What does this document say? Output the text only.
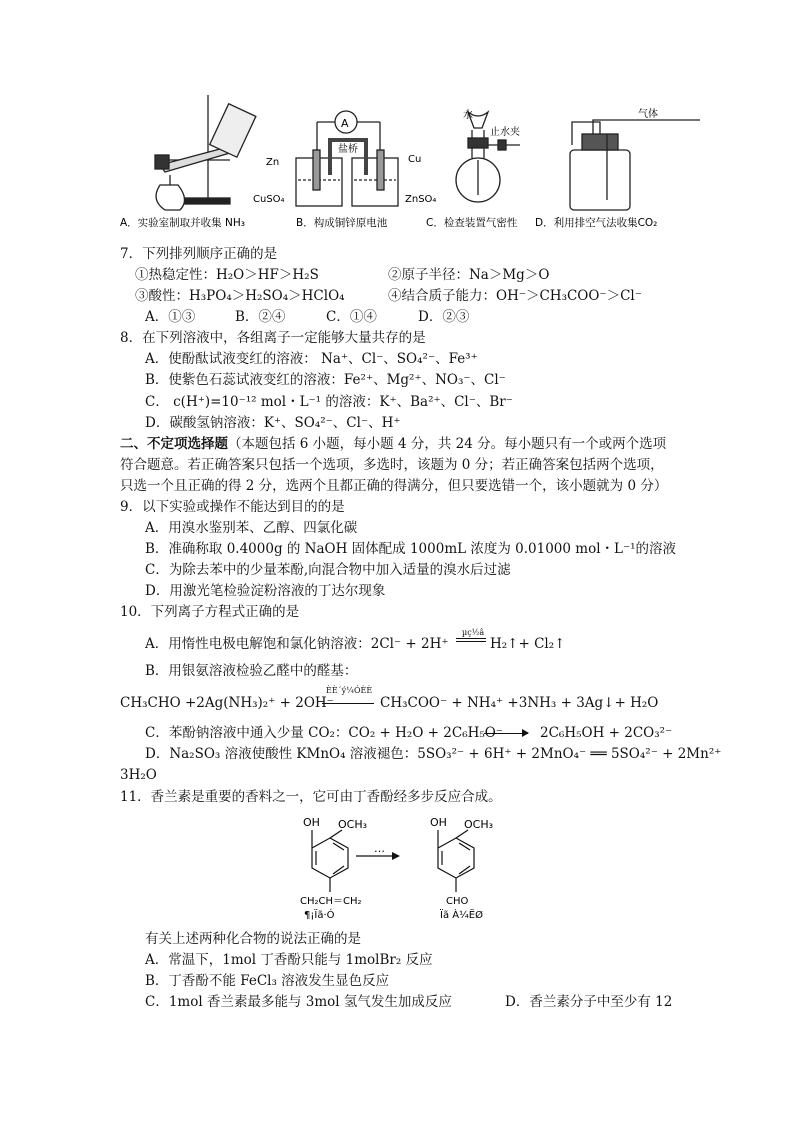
A
盐桥
Zn	Cu
CuSO₄	ZnSO₄
水
止水夹
气体
A．实验室制取并收集 NH₃	B．构成铜锌原电池	C．检查装置气密性 D．利用排空气法收集CO₂
7．下列排列顺序正确的是
①热稳定性：H₂O＞HF＞H₂S	②原子半径：Na＞Mg＞O
③酸性：H₃PO₄＞H₂SO₄＞HClO₄	④结合质子能力：OH⁻＞CH₃COO⁻＞Cl⁻
A．①③	B．②④	C．①④	D．②③
8．在下列溶液中，各组离子一定能够大量共存的是
A．使酚酞试液变红的溶液： Na⁺、Cl⁻、SO₄²⁻、Fe³⁺
B．使紫色石蕊试液变红的溶液：Fe²⁺、Mg²⁺、NO₃⁻、Cl⁻
C． c(H⁺)=10⁻¹² mol・L⁻¹ 的溶液：K⁺、Ba²⁺、Cl⁻、Br⁻
D．碳酸氢钠溶液：K⁺、SO₄²⁻、Cl⁻、H⁺
二、不定项选择题（本题包括 6 小题，每小题 4 分，共 24 分。每小题只有一个或两个选项
符合题意。若正确答案只包括一个选项，多选时，该题为 0 分；若正确答案包括两个选项，
只选一个且正确的得 2 分，选两个且都正确的得满分，但只要选错一个，该小题就为 0 分）
9．以下实验或操作不能达到目的的是
A．用溴水鉴别苯、乙醇、四氯化碳
B．准确称取 0.4000g 的 NaOH 固体配成 1000mL 浓度为 0.01000 mol・L⁻¹的溶液
C．为除去苯中的少量苯酚,向混合物中加入适量的溴水后过滤
D．用激光笔检验淀粉溶液的丁达尔现象
10．下列离子方程式正确的是
A．用惰性电极电解饱和氯化钠溶液：2Cl⁻ + 2H⁺
µç½â
H₂↑+ Cl₂↑
B．用银氨溶液检验乙醛中的醛基：
CH₃CHO +2Ag(NH₃)₂⁺ + 2OH⁻
ÈÈ´ý¼ÓÈÈ
CH₃COO⁻ + NH₄⁺ +3NH₃ + 3Ag↓+ H₂O
C．苯酚钠溶液中通入少量 CO₂：CO₂ + H₂O + 2C₆H₅O⁻	2C₆H₅OH + 2CO₃²⁻
D．Na₂SO₃ 溶液使酸性 KMnO₄ 溶液褪色：5SO₃²⁻ + 6H⁺ + 2MnO₄⁻ ══ 5SO₄²⁻ + 2Mn²⁺
3H₂O
11．香兰素是重要的香料之一，它可由丁香酚经多步反应合成。
OH OCH₃
CH₂CH＝CH₂
¶¡Ïã·Ó
…
OH OCH₃
CHO
Ïã À¼ËØ
有关上述两种化合物的说法正确的是
A．常温下，1mol 丁香酚只能与 1molBr₂ 反应
B．丁香酚不能 FeCl₃ 溶液发生显色反应
C．1mol 香兰素最多能与 3mol 氢气发生加成反应	D．香兰素分子中至少有 12
